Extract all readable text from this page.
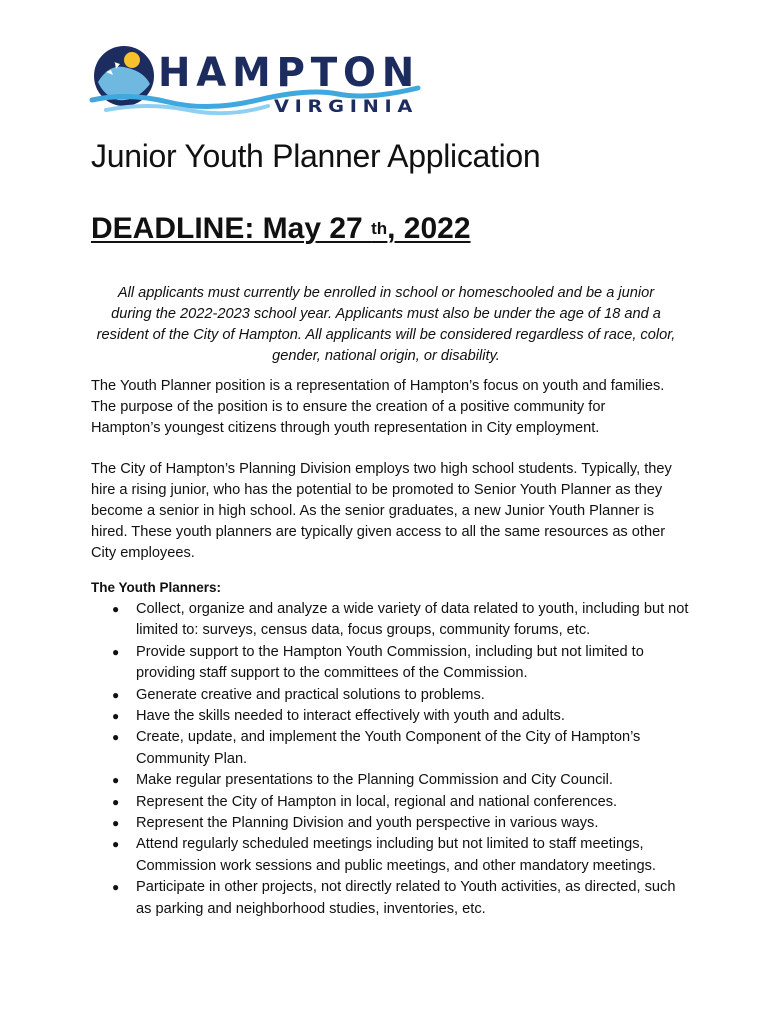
HAMPTON
VIRGINIA
Junior Youth Planner Application
DEADLINE: May 27 $^{th}$, 2022

All applicants must currently be enrolled in school or homeschooled and be a junior during the 2022-2023 school year. Applicants must also be under the age of 18 and a resident of the City of Hampton. All applicants will be considered regardless of race, color, gender, national origin, or disability.

The Youth Planner position is a representation of Hampton’s focus on youth and families. The purpose of the position is to ensure the creation of a positive community for Hampton’s youngest citizens through youth representation in City employment.

The City of Hampton’s Planning Division employs two high school students. Typically, they hire a rising junior, who has the potential to be promoted to Senior Youth Planner as they become a senior in high school. As the senior graduates, a new Junior Youth Planner is hired. These youth planners are typically given access to all the same resources as other City employees.

The Youth Planners:

● Collect, organize and analyze a wide variety of data related to youth, including but not limited to: surveys, census data, focus groups, community forums, etc.
● Provide support to the Hampton Youth Commission, including but not limited to providing staff support to the committees of the Commission.
● Generate creative and practical solutions to problems.
● Have the skills needed to interact effectively with youth and adults.
● Create, update, and implement the Youth Component of the City of Hampton’s Community Plan.
● Make regular presentations to the Planning Commission and City Council.
● Represent the City of Hampton in local, regional and national conferences.
● Represent the Planning Division and youth perspective in various ways.
● Attend regularly scheduled meetings including but not limited to staff meetings, Commission work sessions and public meetings, and other mandatory meetings.
● Participate in other projects, not directly related to Youth activities, as directed, such as parking and neighborhood studies, inventories, etc.
